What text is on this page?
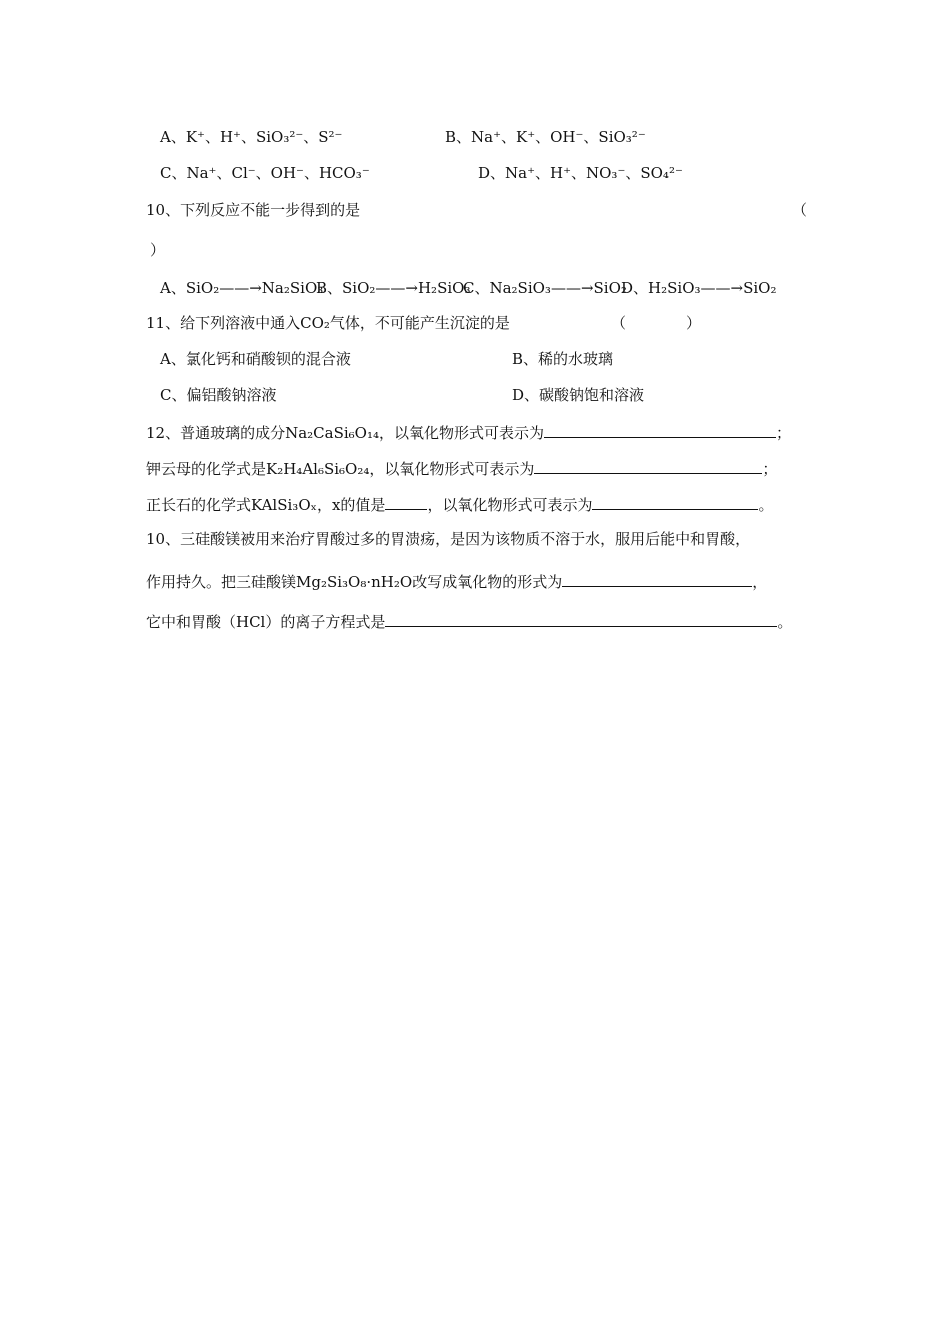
A、K⁺、H⁺、SiO₃²⁻、S²⁻	B、Na⁺、K⁺、OH⁻、SiO₃²⁻
C、Na⁺、Cl⁻、OH⁻、HCO₃⁻	D、Na⁺、H⁺、NO₃⁻、SO₄²⁻
10、下列反应不能一步得到的是	（
）
A、SiO₂——→Na₂SiO₃
B、SiO₂——→H₂SiO₃
C、Na₂SiO₃——→SiO₂
D、H₂SiO₃——→SiO₂
11、给下列溶液中通入CO₂气体，不可能产生沉淀的是	（　　　　）
A、氯化钙和硝酸钡的混合液	B、稀的水玻璃
C、偏铝酸钠溶液	D、碳酸钠饱和溶液
12、普通玻璃的成分Na₂CaSi₆O₁₄，以氧化物形式可表示为	；
钾云母的化学式是K₂H₄Al₆Si₆O₂₄，以氧化物形式可表示为	；
正长石的化学式KAlSi₃Oₓ，x的值是	，以氧化物形式可表示为	。
10、三硅酸镁被用来治疗胃酸过多的胃溃疡，是因为该物质不溶于水，服用后能中和胃酸，
作用持久。把三硅酸镁Mg₂Si₃O₈·nH₂O改写成氧化物的形式为	，
它中和胃酸（HCl）的离子方程式是	。
